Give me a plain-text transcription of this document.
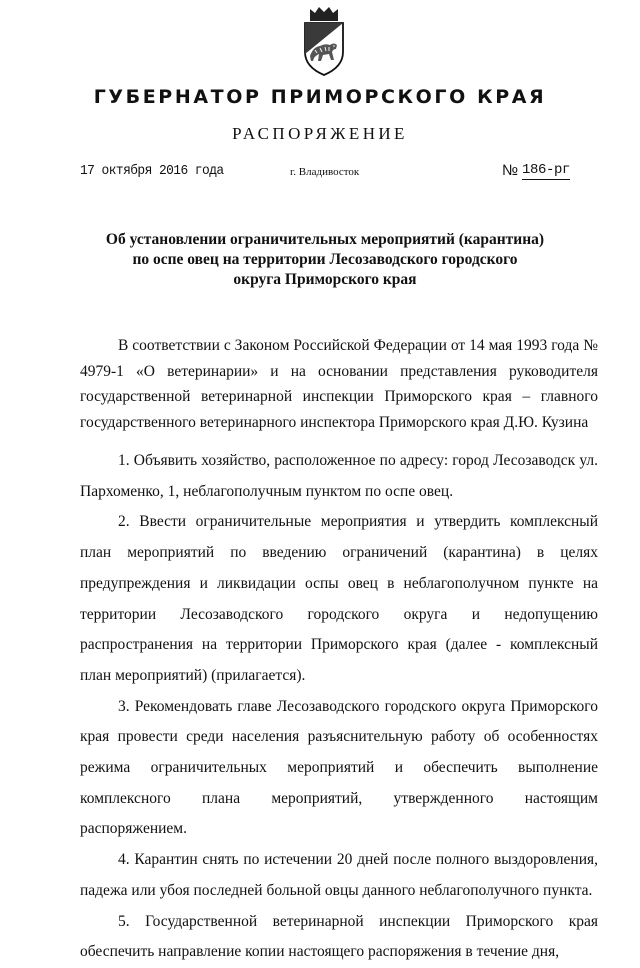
ГУБЕРНАТОР ПРИМОРСКОГО КРАЯ
РАСПОРЯЖЕНИЕ
17 октября 2016 года	г. Владивосток	№ 186-рг
Об установлении ограничительных мероприятий (карантина)
по оспе овец на территории Лесозаводского городского
округа Приморского края

В соответствии с Законом Российской Федерации от 14 мая 1993 года № 4979-1 «О ветеринарии» и на основании представления руководителя государственной ветеринарной инспекции Приморского края – главного государственного ветеринарного инспектора Приморского края Д.Ю. Кузина

1. Объявить хозяйство, расположенное по адресу: город Лесозаводск ул. Пархоменко, 1, неблагополучным пунктом по оспе овец.

2. Ввести ограничительные мероприятия и утвердить комплексный план мероприятий по введению ограничений (карантина) в целях предупреждения и ликвидации оспы овец в неблагополучном пункте на территории Лесозаводского городского округа и недопущению распространения на территории Приморского края (далее - комплексный план мероприятий) (прилагается).

3. Рекомендовать главе Лесозаводского городского округа Приморского края провести среди населения разъяснительную работу об особенностях режима ограничительных мероприятий и обеспечить выполнение комплексного плана мероприятий, утвержденного настоящим распоряжением.

4. Карантин снять по истечении 20 дней после полного выздоровления, падежа или убоя последней больной овцы данного неблагополучного пункта.

5. Государственной ветеринарной инспекции Приморского края обеспечить направление копии настоящего распоряжения в течение дня,
